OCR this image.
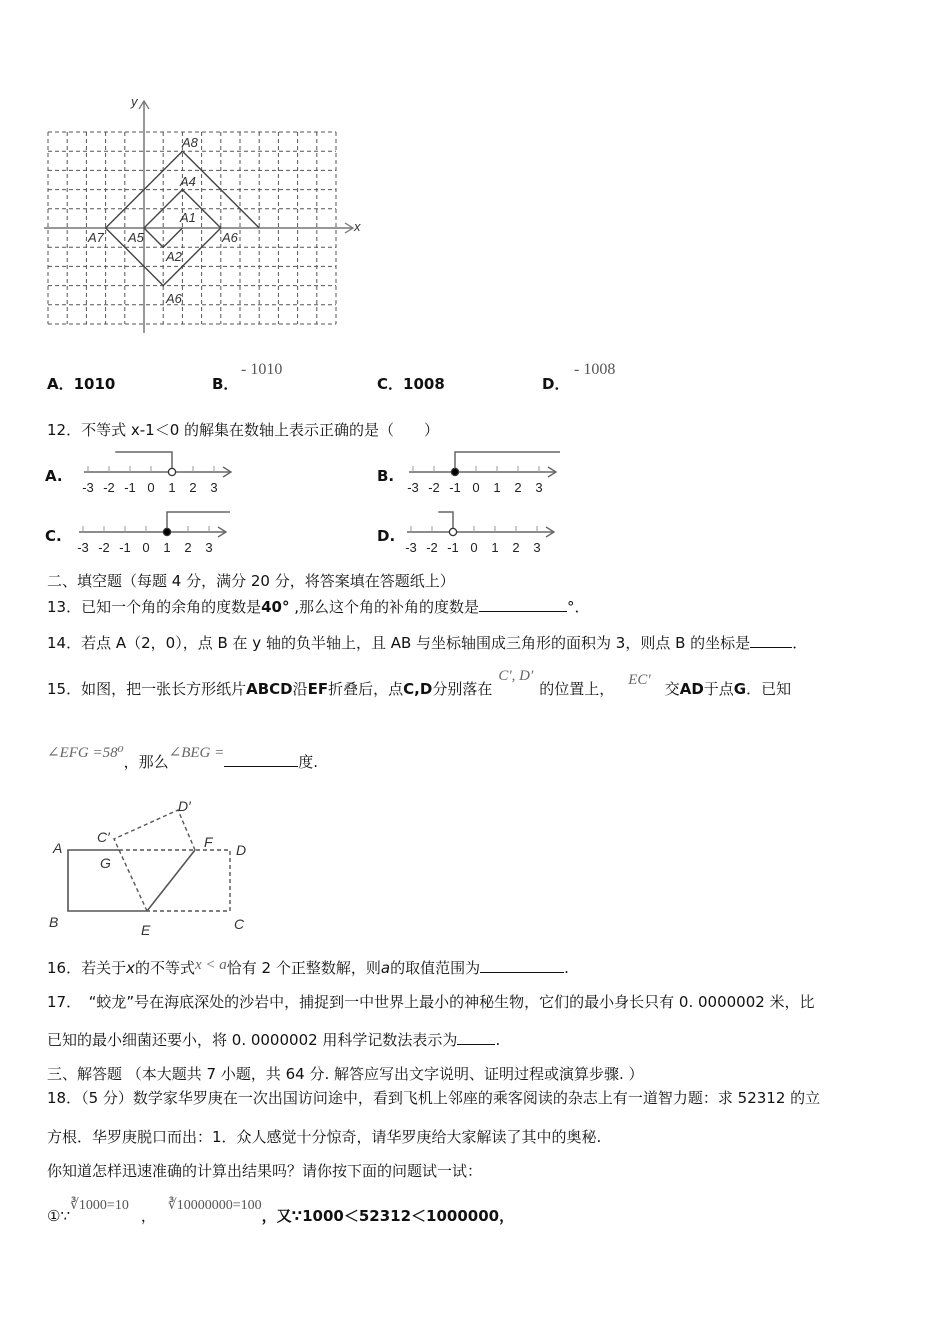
y
x
A8
A4
A1
A7 A5	A6
A2
A6
A．1010	B．
- 1010
C．1008	D．
- 1008
12．不等式 x-1＜0 的解集在数轴上表示正确的是（　　）
A.
-3 -2 -1 0 1 2 3
B.
-3 -2 -1 0 1 2 3
C.
-3 -2 -1 0 1 2 3
D.
-3 -2 -1 0 1 2 3
二、填空题（每题 4 分，满分 20 分，将答案填在答题纸上）
13．已知一个角的余角的度数是40° ,那么这个角的补角的度数是	°．
14．若点 A（2，0），点 B 在 y 轴的负半轴上，且 AB 与坐标轴围成三角形的面积为 3，则点 B 的坐标是	．
15．如图，把一张长方形纸片ABCD沿EF折叠后，点C,D分别落在C′, D′的位置上， EC′ 交AD于点G．已知
∠EFG =58⁰，那么∠BEG =	度.
A
G
C′
D′
F D
B	E	C
16．若关于x的不等式x < a恰有 2 个正整数解，则a的取值范围为	.
17．　“蛟龙”号在海底深处的沙岩中，捕捉到一中世界上最小的神秘生物，它们的最小身长只有 0. 0000002 米，比
已知的最小细菌还要小，将 0. 0000002 用科学记数法表示为	.
三、解答题 （本大题共 7 小题，共 64 分. 解答应写出文字说明、证明过程或演算步骤. ）
18．（5 分）数学家华罗庚在一次出国访问途中，看到飞机上邻座的乘客阅读的杂志上有一道智力题：求 52312 的立
方根．华罗庚脱口而出：1．众人感觉十分惊奇，请华罗庚给大家解读了其中的奥秘.
你知道怎样迅速准确的计算出结果吗？请你按下面的问题试一试：
①∵∛1000=10，∛10000000=100，又∵1000＜52312＜1000000，
